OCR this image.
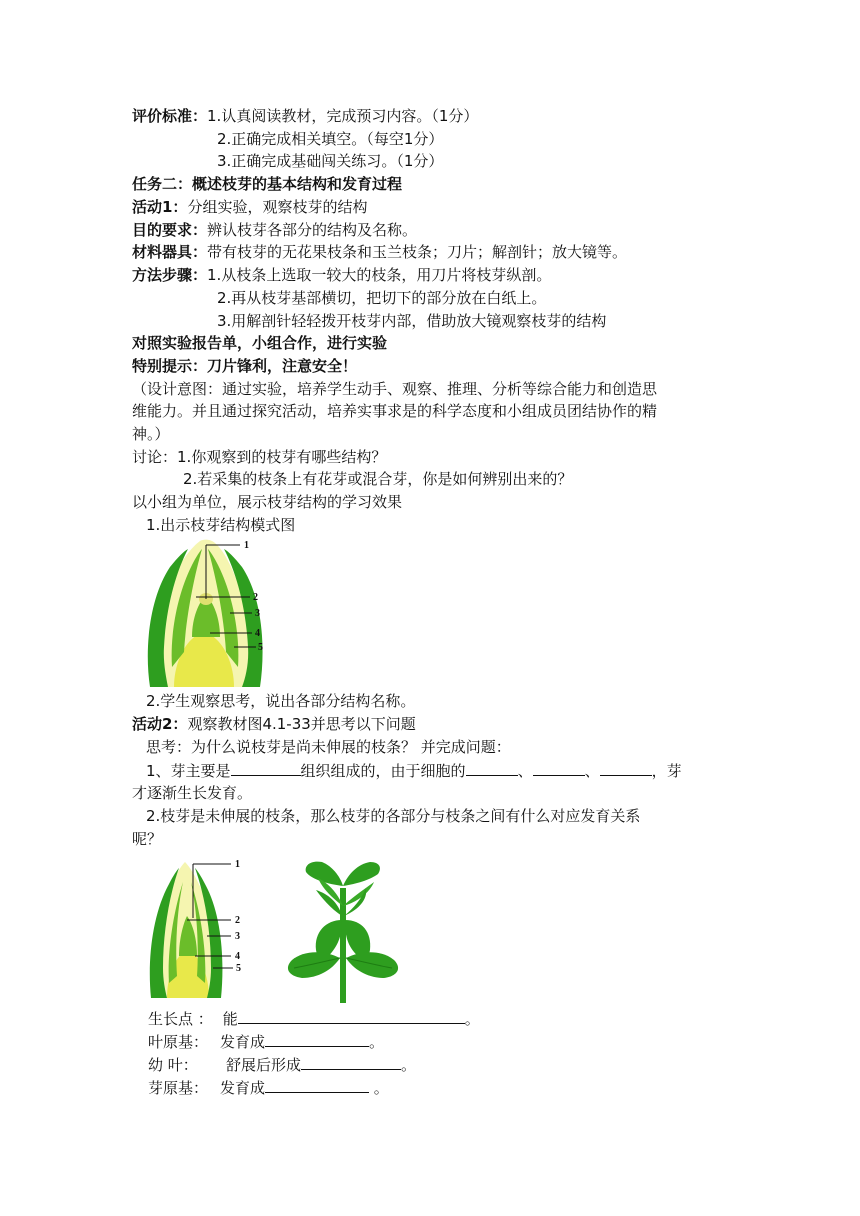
评价标准：1.认真阅读教材，完成预习内容。（1分）
2.正确完成相关填空。（每空1分）
3.正确完成基础闯关练习。（1分）
任务二：概述枝芽的基本结构和发育过程
活动1：分组实验，观察枝芽的结构
目的要求：辨认枝芽各部分的结构及名称。
材料器具：带有枝芽的无花果枝条和玉兰枝条；刀片；解剖针；放大镜等。
方法步骤：1.从枝条上选取一较大的枝条，用刀片将枝芽纵剖。
2.再从枝芽基部横切，把切下的部分放在白纸上。
3.用解剖针轻轻拨开枝芽内部，借助放大镜观察枝芽的结构
对照实验报告单，小组合作，进行实验
特别提示：刀片锋利，注意安全！
（设计意图：通过实验，培养学生动手、观察、推理、分析等综合能力和创造思
维能力。并且通过探究活动，培养实事求是的科学态度和小组成员团结协作的精
神。）
讨论：1.你观察到的枝芽有哪些结构？
2.若采集的枝条上有花芽或混合芽，你是如何辨别出来的？
以小组为单位，展示枝芽结构的学习效果
1.出示枝芽结构模式图
1
2
3
4
5
2.学生观察思考，说出各部分结构名称。
活动2：观察教材图4.1-33并思考以下问题
思考：为什么说枝芽是尚未伸展的枝条？ 并完成问题：
1、芽主要是	组织组成的，由于细胞的	、	、	，芽
才逐渐生长发育。
2.枝芽是未伸展的枝条，那么枝芽的各部分与枝条之间有什么对应发育关系
呢？
1
2
3
4
5
生长点 ： 能	。
叶原基： 发育成	。
幼 叶： 舒展后形成	。
芽原基： 发育成	。
